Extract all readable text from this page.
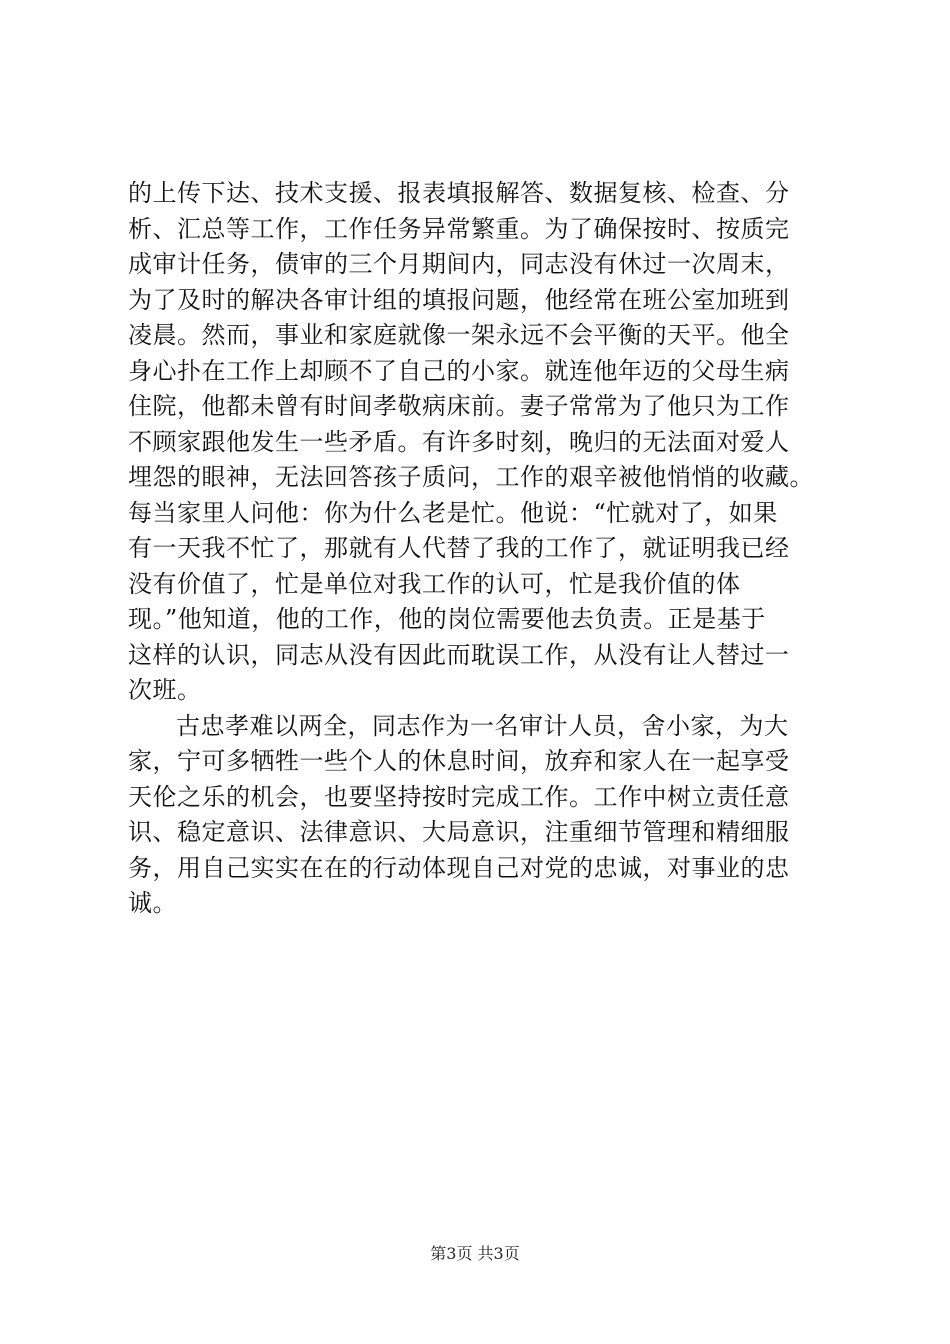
的上传下达、技术支援、报表填报解答、数据复核、检查、分
析、汇总等工作，工作任务异常繁重。为了确保按时、按质完
成审计任务，债审的三个月期间内，同志没有休过一次周末，
为了及时的解决各审计组的填报问题，他经常在班公室加班到
凌晨。然而，事业和家庭就像一架永远不会平衡的天平。他全
身心扑在工作上却顾不了自己的小家。就连他年迈的父母生病
住院，他都未曾有时间孝敬病床前。妻子常常为了他只为工作
不顾家跟他发生一些矛盾。有许多时刻，晚归的无法面对爱人
埋怨的眼神，无法回答孩子质问，工作的艰辛被他悄悄的收藏。
每当家里人问他：你为什么老是忙。他说：“忙就对了，如果
有一天我不忙了，那就有人代替了我的工作了，就证明我已经
没有价值了，忙是单位对我工作的认可，忙是我价值的体
现。”他知道，他的工作，他的岗位需要他去负责。正是基于
这样的认识，同志从没有因此而耽误工作，从没有让人替过一
次班。
古忠孝难以两全，同志作为一名审计人员，舍小家，为大
家，宁可多牺牲一些个人的休息时间，放弃和家人在一起享受
天伦之乐的机会，也要坚持按时完成工作。工作中树立责任意
识、稳定意识、法律意识、大局意识，注重细节管理和精细服
务，用自己实实在在的行动体现自己对党的忠诚，对事业的忠
诚。
第3页 共3页
